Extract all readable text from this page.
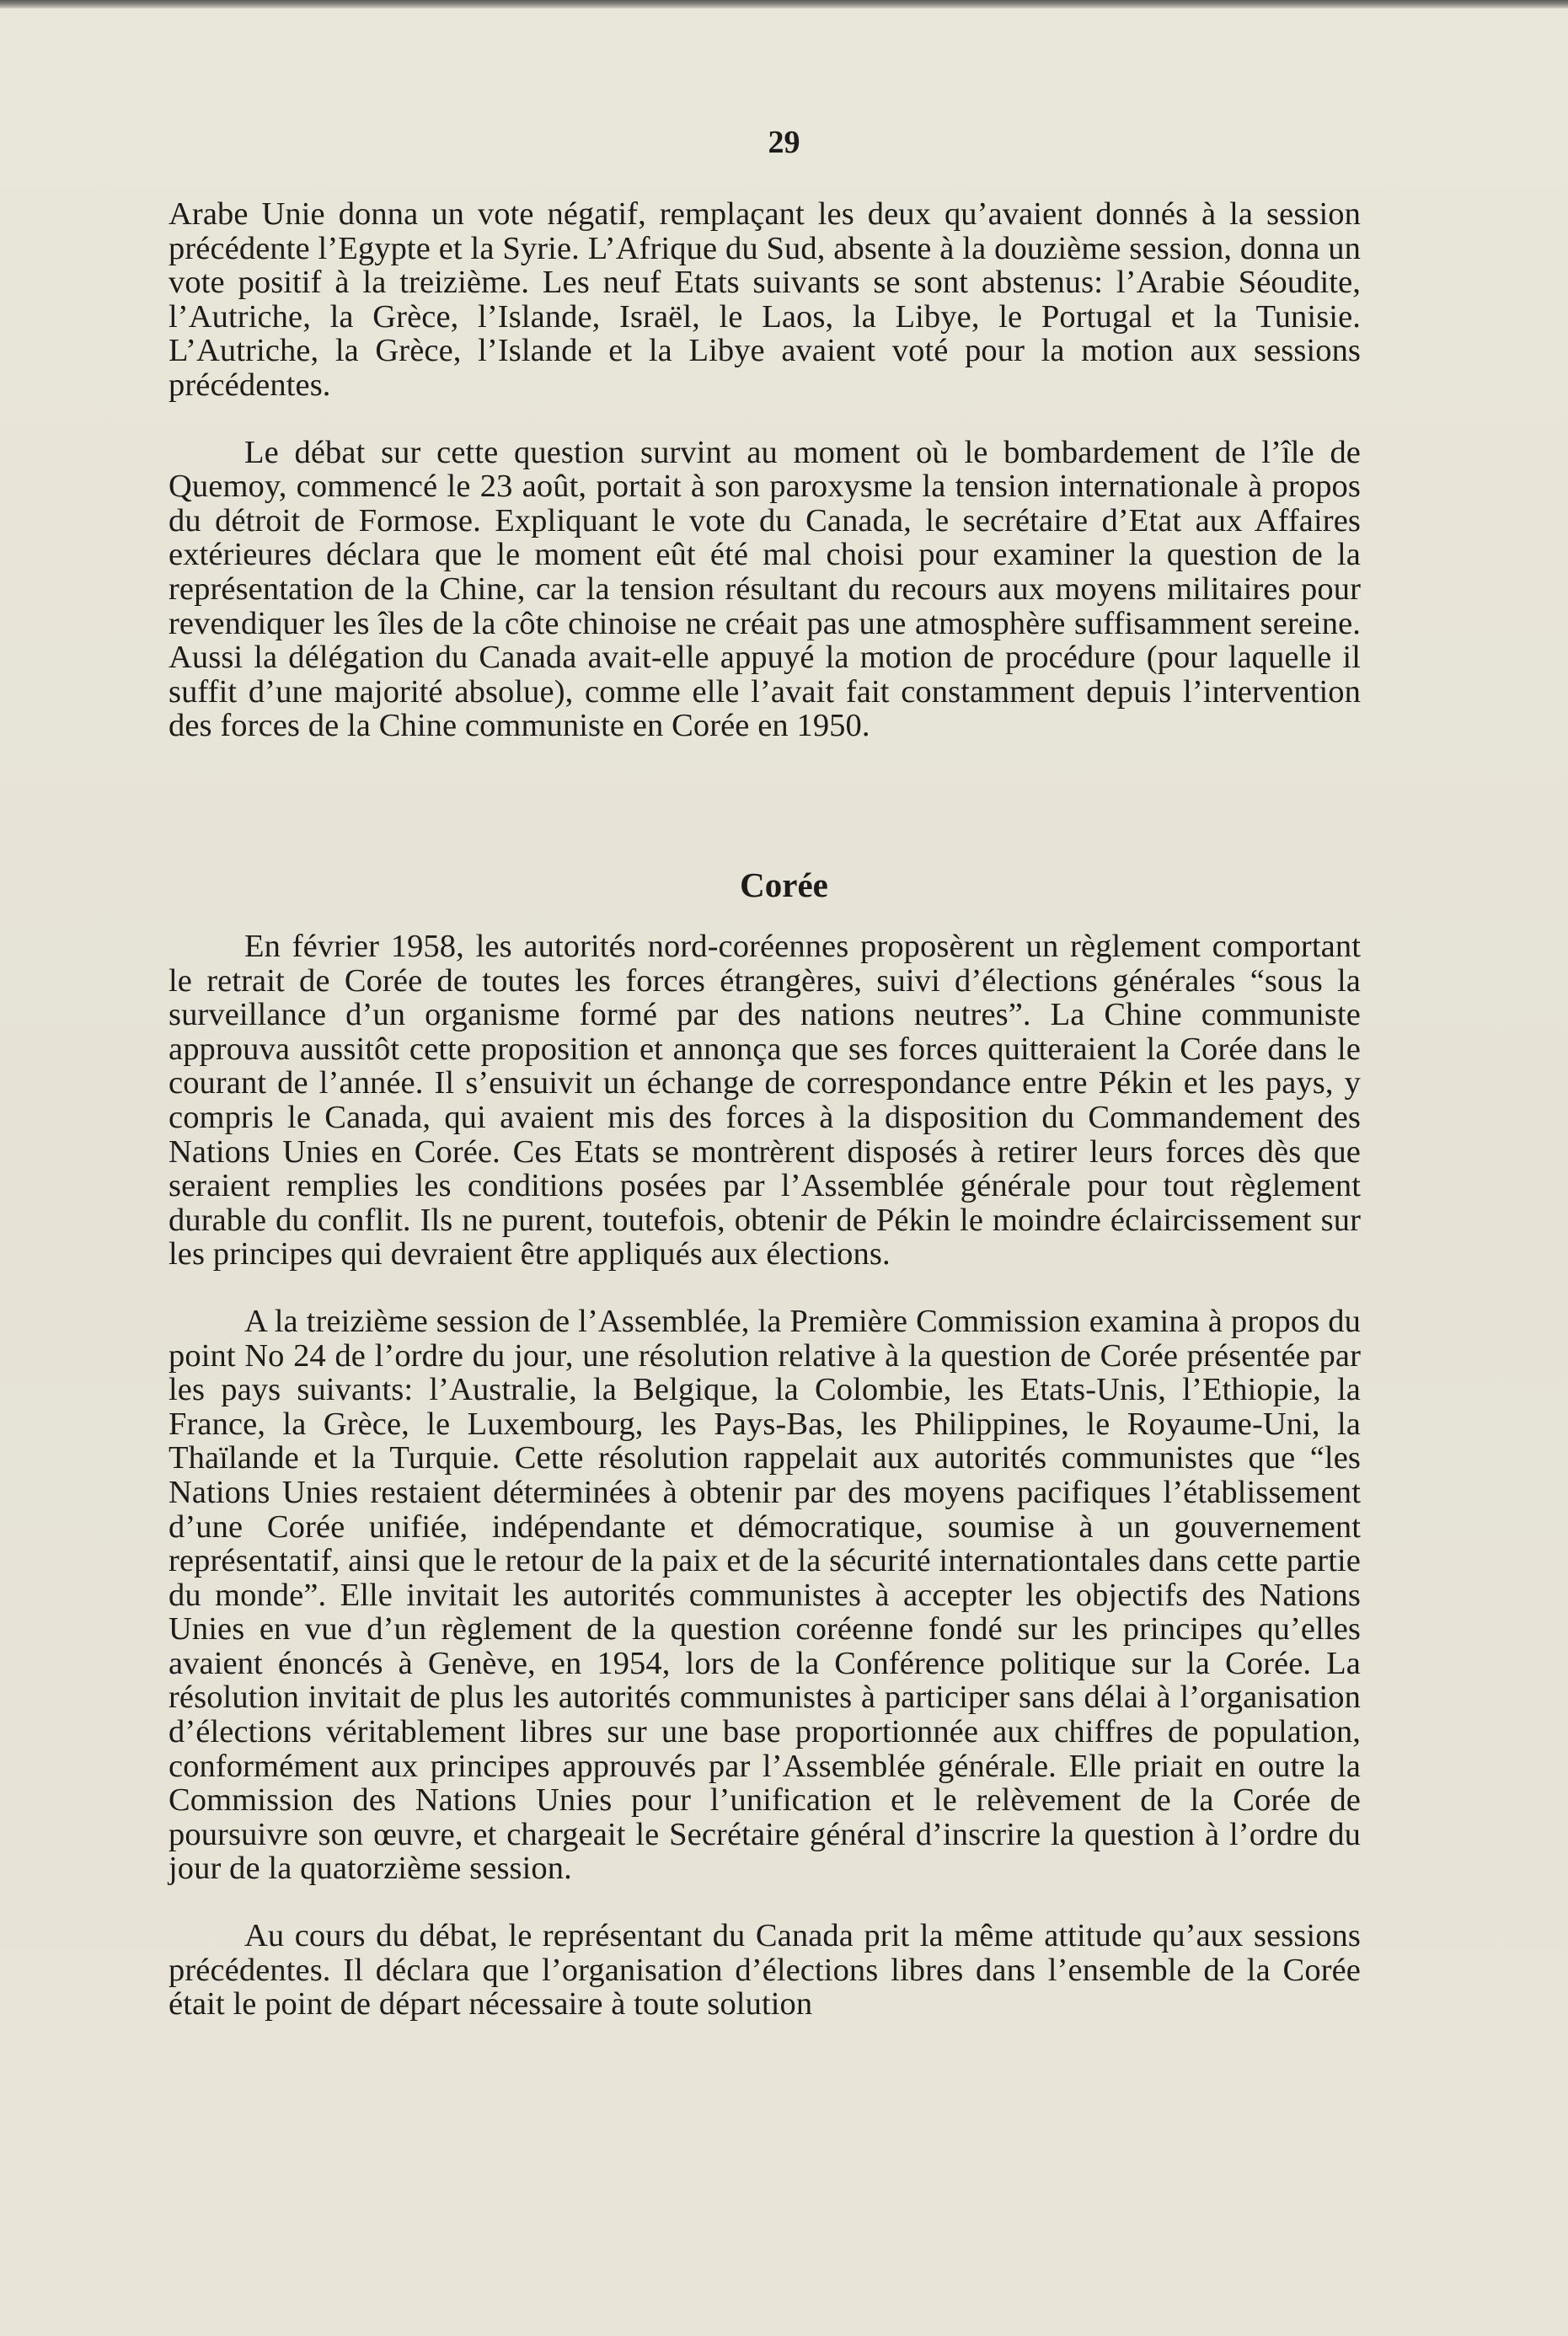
29

Arabe Unie donna un vote négatif, remplaçant les deux qu’avaient donnés à la session précédente l’Egypte et la Syrie. L’Afrique du Sud, absente à la douzième session, donna un vote positif à la treizième. Les neuf Etats suivants se sont abstenus: l’Arabie Séoudite, l’Autriche, la Grèce, l’Islande, Israël, le Laos, la Libye, le Portugal et la Tunisie. L’Autriche, la Grèce, l’Islande et la Libye avaient voté pour la motion aux sessions précédentes.

Le débat sur cette question survint au moment où le bombardement de l’île de Quemoy, commencé le 23 août, portait à son paroxysme la tension internationale à propos du détroit de Formose. Expliquant le vote du Canada, le secrétaire d’Etat aux Affaires extérieures déclara que le moment eût été mal choisi pour examiner la question de la représentation de la Chine, car la tension résultant du recours aux moyens militaires pour revendiquer les îles de la côte chinoise ne créait pas une atmosphère suffisamment sereine. Aussi la délégation du Canada avait-elle appuyé la motion de procédure (pour laquelle il suffit d’une majorité absolue), comme elle l’avait fait constamment depuis l’intervention des forces de la Chine communiste en Corée en 1950.

Corée

En février 1958, les autorités nord-coréennes proposèrent un règlement comportant le retrait de Corée de toutes les forces étrangères, suivi d’élections générales “sous la surveillance d’un organisme formé par des nations neutres”. La Chine communiste approuva aussitôt cette proposition et annonça que ses forces quitteraient la Corée dans le courant de l’année. Il s’ensuivit un échange de correspondance entre Pékin et les pays, y compris le Canada, qui avaient mis des forces à la disposition du Commandement des Nations Unies en Corée. Ces Etats se montrèrent disposés à retirer leurs forces dès que seraient remplies les conditions posées par l’Assemblée générale pour tout règlement durable du conflit. Ils ne purent, toutefois, obtenir de Pékin le moindre éclaircissement sur les principes qui devraient être appliqués aux élections.

A la treizième session de l’Assemblée, la Première Commission examina à propos du point No 24 de l’ordre du jour, une résolution relative à la question de Corée présentée par les pays suivants: l’Australie, la Belgique, la Colombie, les Etats-Unis, l’Ethiopie, la France, la Grèce, le Luxembourg, les Pays-Bas, les Philippines, le Royaume-Uni, la Thaïlande et la Turquie. Cette résolution rappelait aux autorités communistes que “les Nations Unies restaient déterminées à obtenir par des moyens pacifiques l’établissement d’une Corée unifiée, indépendante et démocratique, soumise à un gouvernement représentatif, ainsi que le retour de la paix et de la sécurité internationtales dans cette partie du monde”. Elle invitait les autorités communistes à accepter les objectifs des Nations Unies en vue d’un règlement de la question coréenne fondé sur les principes qu’elles avaient énoncés à Genève, en 1954, lors de la Conférence politique sur la Corée. La résolution invitait de plus les autorités communistes à participer sans délai à l’organisation d’élections véritablement libres sur une base proportionnée aux chiffres de population, conformément aux principes approuvés par l’Assemblée générale. Elle priait en outre la Commission des Nations Unies pour l’unification et le relèvement de la Corée de poursuivre son œuvre, et chargeait le Secrétaire général d’inscrire la question à l’ordre du jour de la quatorzième session.

Au cours du débat, le représentant du Canada prit la même attitude qu’aux sessions précédentes. Il déclara que l’organisation d’élections libres dans l’ensemble de la Corée était le point de départ nécessaire à toute solution
